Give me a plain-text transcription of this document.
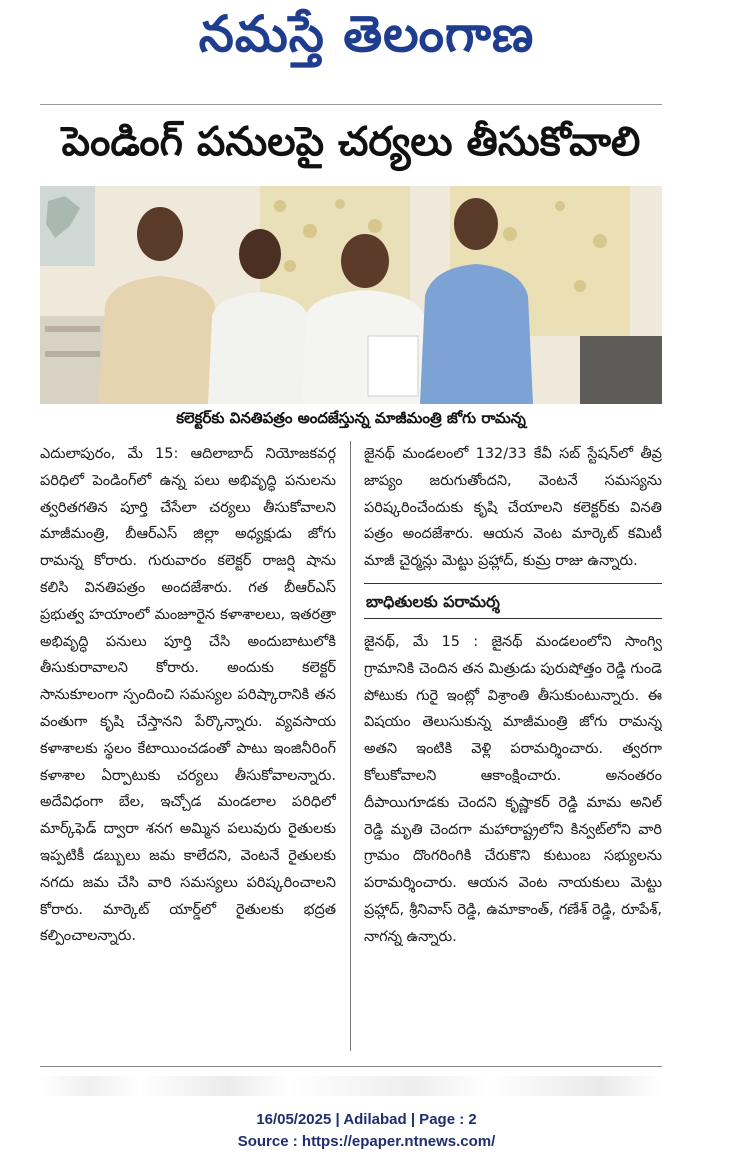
నమస్తే తెలంగాణ
పెండింగ్ పనులపై చర్యలు తీసుకోవాలి
కలెక్టర్‌కు వినతిపత్రం అందజేస్తున్న మాజీమంత్రి జోగు రామన్న

ఎదులాపురం, మే 15: ఆదిలాబాద్ నియోజకవర్గ పరిధిలో పెండింగ్‌లో ఉన్న పలు అభివృద్ధి పనులను త్వరితగతిన పూర్తి చేసేలా చర్యలు తీసుకోవాలని మాజీమంత్రి, బీఆర్‌ఎస్ జిల్లా అధ్యక్షుడు జోగు రామన్న కోరారు. గురువారం కలెక్టర్ రాజర్షి షాను కలిసి వినతిపత్రం అందజేశారు. గత బీఆర్‌ఎస్ ప్రభుత్వ హయాంలో మంజూరైన కళాశాలలు, ఇతరత్రా అభివృద్ధి పనులు పూర్తి చేసి అందుబాటులోకి తీసుకురావాలని కోరారు. అందుకు కలెక్టర్ సానుకూలంగా స్పందించి సమస్యల పరిష్కారానికి తన వంతుగా కృషి చేస్తానని పేర్కొన్నారు. వ్యవసాయ కళాశాలకు స్థలం కేటాయించడంతో పాటు ఇంజినీరింగ్ కళాశాల ఏర్పాటుకు చర్యలు తీసుకోవాలన్నారు. అదేవిధంగా బేల, ఇచ్చోడ మండలాల పరిధిలో మార్క్‌ఫెడ్ ద్వారా శనగ అమ్మిన పలువురు రైతులకు ఇప్పటికీ డబ్బులు జమ కాలేదని, వెంటనే రైతులకు నగదు జమ చేసి వారి సమస్యలు పరిష్కరించాలని కోరారు. మార్కెట్ యార్డ్‌లో రైతులకు భద్రత కల్పించాలన్నారు.

జైనథ్ మండలంలో 132/33 కేవీ సబ్ స్టేషన్‌లో తీవ్ర జాప్యం జరుగుతోందని, వెంటనే సమస్యను పరిష్కరించేందుకు కృషి చేయాలని కలెక్టర్‌కు వినతి పత్రం అందజేశారు. ఆయన వెంట మార్కెట్ కమిటీ మాజీ చైర్మన్లు మెట్టు ప్రహ్లాద్, కుమ్ర రాజు ఉన్నారు.

బాధితులకు పరామర్శ

జైనథ్, మే 15 : జైనథ్ మండలంలోని సాంగ్వి గ్రామానికి చెందిన తన మిత్రుడు పురుషోత్తం రెడ్డి గుండె పోటుకు గురై ఇంట్లో విశ్రాంతి తీసుకుంటున్నారు. ఈ విషయం తెలుసుకున్న మాజీమంత్రి జోగు రామన్న అతని ఇంటికి వెళ్లి పరామర్శించారు. త్వరగా కోలుకోవాలని ఆకాంక్షించారు. అనంతరం దీపాయిగూడకు చెందని కృష్ణాకర్ రెడ్డి మామ అనిల్ రెడ్డి మృతి చెందగా మహారాష్ట్రలోని కిన్వట్‌లోని వారి గ్రామం దొంగరింగికి చేరుకొని కుటుంబ సభ్యులను పరామర్శించారు. ఆయన వెంట నాయకులు మెట్టు ప్రహ్లాద్, శ్రీనివాస్ రెడ్డి, ఉమాకాంత్, గణేశ్ రెడ్డి, రూపేశ్, నాగన్న ఉన్నారు.

16/05/2025 | Adilabad | Page : 2
Source : https://epaper.ntnews.com/
